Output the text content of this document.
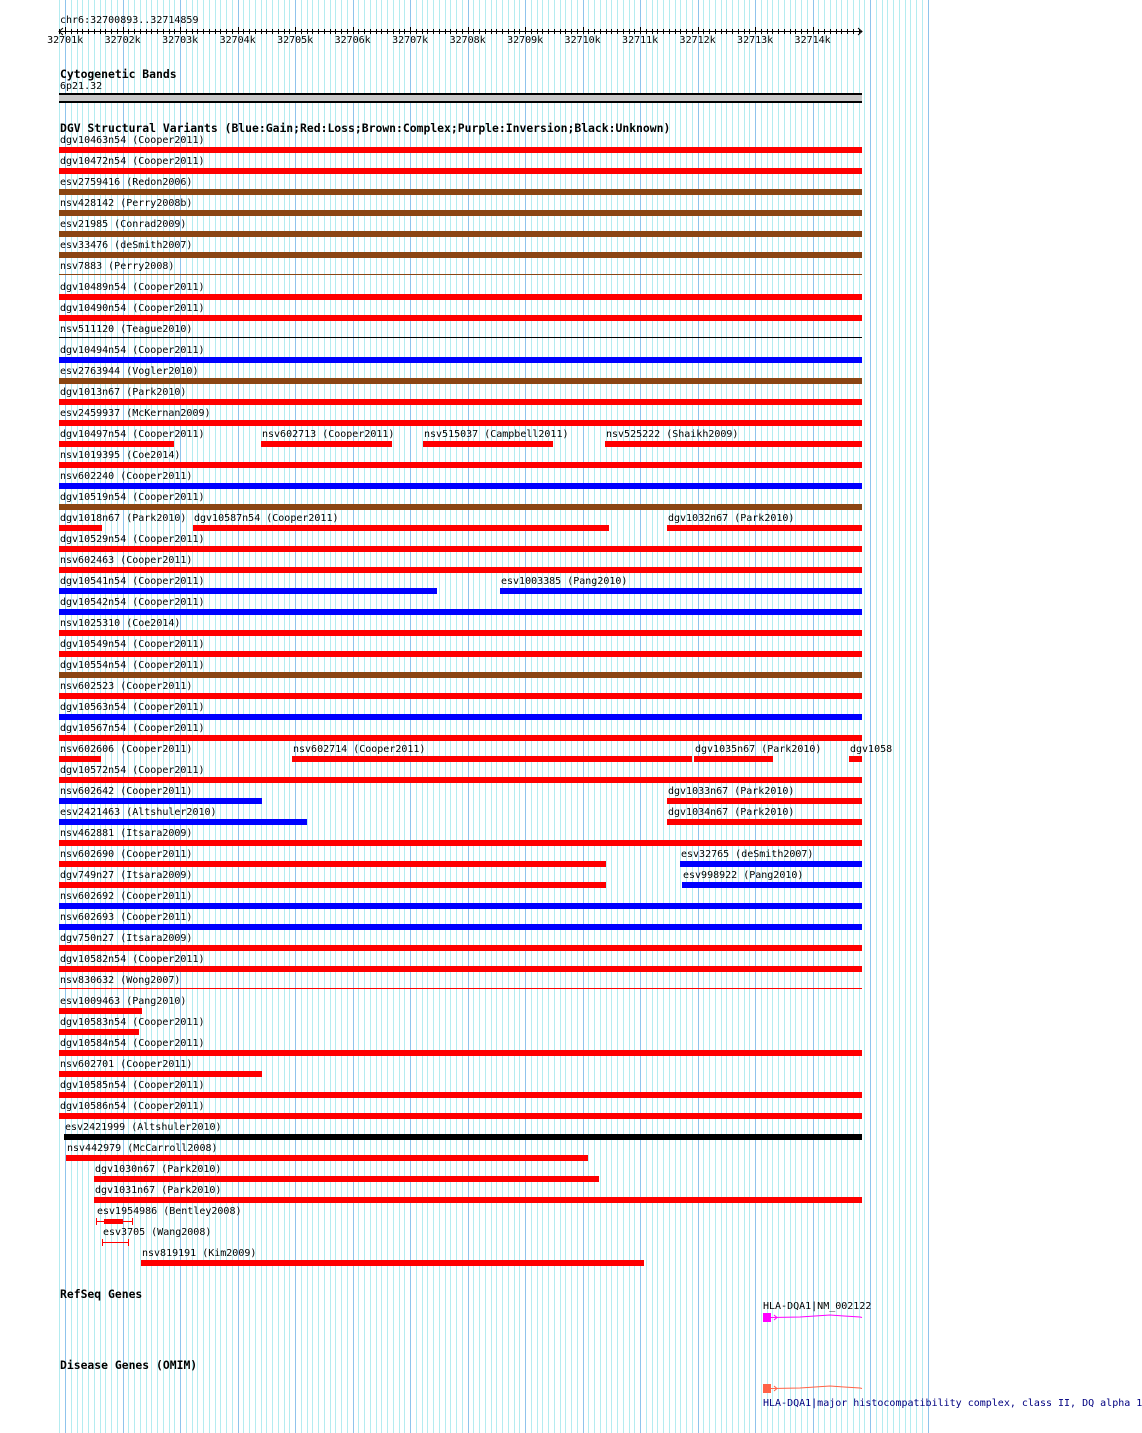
chr6:32700893..32714859
32701k 32702k 32703k 32704k 32705k 32706k 32707k 32708k 32709k 32710k 32711k 32712k 32713k 32714k
Cytogenetic Bands
6p21.32
DGV Structural Variants (Blue:Gain;Red:Loss;Brown:Complex;Purple:Inversion;Black:Unknown)
dgv10463n54 (Cooper2011)
dgv10472n54 (Cooper2011)
esv2759416 (Redon2006)
nsv428142 (Perry2008b)
esv21985 (Conrad2009)
esv33476 (deSmith2007)
nsv7883 (Perry2008)
dgv10489n54 (Cooper2011)
dgv10490n54 (Cooper2011)
nsv511120 (Teague2010)
dgv10494n54 (Cooper2011)
esv2763944 (Vogler2010)
dgv1013n67 (Park2010)
esv2459937 (McKernan2009)
dgv10497n54 (Cooper2011)	nsv602713 (Cooper2011)	nsv515037 (Campbell2011)	nsv525222 (Shaikh2009)
nsv1019395 (Coe2014)
nsv602240 (Cooper2011)
dgv10519n54 (Cooper2011)
dgv1018n67 (Park2010) dgv10587n54 (Cooper2011)	dgv1032n67 (Park2010)
dgv10529n54 (Cooper2011)
nsv602463 (Cooper2011)
dgv10541n54 (Cooper2011)	esv1003385 (Pang2010)
dgv10542n54 (Cooper2011)
nsv1025310 (Coe2014)
dgv10549n54 (Cooper2011)
dgv10554n54 (Cooper2011)
nsv602523 (Cooper2011)
dgv10563n54 (Cooper2011)
dgv10567n54 (Cooper2011)
nsv602606 (Cooper2011)	nsv602714 (Cooper2011)	dgv1035n67 (Park2010)	dgv1058
dgv10572n54 (Cooper2011)
nsv602642 (Cooper2011)	dgv1033n67 (Park2010)
esv2421463 (Altshuler2010)	dgv1034n67 (Park2010)
nsv462881 (Itsara2009)
nsv602690 (Cooper2011)	esv32765 (deSmith2007)
dgv749n27 (Itsara2009)	esv998922 (Pang2010)
nsv602692 (Cooper2011)
nsv602693 (Cooper2011)
dgv750n27 (Itsara2009)
dgv10582n54 (Cooper2011)
nsv830632 (Wong2007)
esv1009463 (Pang2010)
dgv10583n54 (Cooper2011)
dgv10584n54 (Cooper2011)
nsv602701 (Cooper2011)
dgv10585n54 (Cooper2011)
dgv10586n54 (Cooper2011)
esv2421999 (Altshuler2010)
nsv442979 (McCarroll2008)
dgv1030n67 (Park2010)
dgv1031n67 (Park2010)
esv1954986 (Bentley2008)
esv3705 (Wang2008)
nsv819191 (Kim2009)
RefSeq Genes
HLA-DQA1|NM_002122
Disease Genes (OMIM)
HLA-DQA1|major histocompatibility complex, class II, DQ alpha 1
